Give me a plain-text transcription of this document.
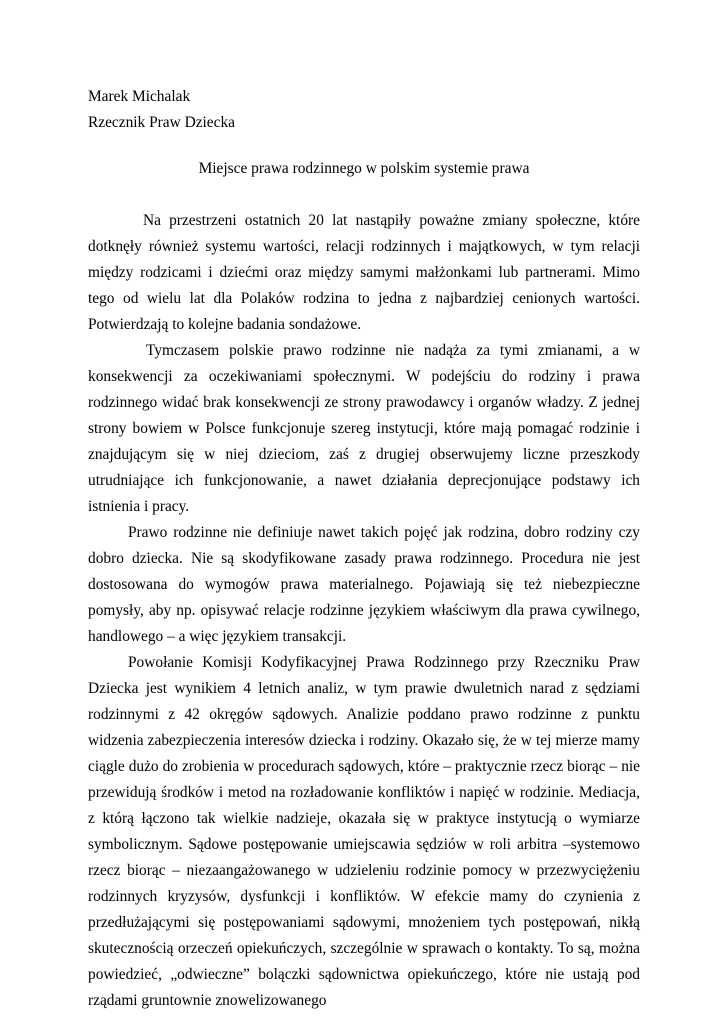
Marek Michalak

Rzecznik Praw Dziecka

Miejsce prawa rodzinnego w polskim systemie prawa

Na przestrzeni ostatnich 20 lat nastąpiły poważne zmiany społeczne, które dotknęły również systemu wartości, relacji rodzinnych i majątkowych, w tym relacji między rodzicami i dziećmi oraz między samymi małżonkami lub partnerami. Mimo tego od wielu lat dla Polaków rodzina to jedna z najbardziej cenionych wartości. Potwierdzają to kolejne badania sondażowe.

Tymczasem polskie prawo rodzinne nie nadąża za tymi zmianami, a w konsekwencji za oczekiwaniami społecznymi. W podejściu do rodziny i prawa rodzinnego widać brak konsekwencji ze strony prawodawcy i organów władzy. Z jednej strony bowiem w Polsce funkcjonuje szereg instytucji, które mają pomagać rodzinie i znajdującym się w niej dzieciom, zaś z drugiej obserwujemy liczne przeszkody utrudniające ich funkcjonowanie, a nawet działania deprecjonujące podstawy ich istnienia i pracy.

Prawo rodzinne nie definiuje nawet takich pojęć jak rodzina, dobro rodziny czy dobro dziecka. Nie są skodyfikowane zasady prawa rodzinnego. Procedura nie jest dostosowana do wymogów prawa materialnego. Pojawiają się też niebezpieczne pomysły, aby np. opisywać relacje rodzinne językiem właściwym dla prawa cywilnego, handlowego – a więc językiem transakcji.

Powołanie Komisji Kodyfikacyjnej Prawa Rodzinnego przy Rzeczniku Praw Dziecka jest wynikiem 4 letnich analiz, w tym prawie dwuletnich narad z sędziami rodzinnymi z 42 okręgów sądowych. Analizie poddano prawo rodzinne z punktu widzenia zabezpieczenia interesów dziecka i rodziny. Okazało się, że w tej mierze mamy ciągle dużo do zrobienia w procedurach sądowych, które – praktycznie rzecz biorąc – nie przewidują środków i metod na rozładowanie konfliktów i napięć w rodzinie. Mediacja, z którą łączono tak wielkie nadzieje, okazała się w praktyce instytucją o wymiarze symbolicznym. Sądowe postępowanie umiejscawia sędziów w roli arbitra –systemowo rzecz biorąc – niezaangażowanego w udzieleniu rodzinie pomocy w przezwyciężeniu rodzinnych kryzysów, dysfunkcji i konfliktów. W efekcie mamy do czynienia z przedłużającymi się postępowaniami sądowymi, mnożeniem tych postępowań, nikłą skutecznością orzeczeń opiekuńczych, szczególnie w sprawach o kontakty. To są, można powiedzieć, „odwieczne” bolączki sądownictwa opiekuńczego, które nie ustają pod rządami gruntownie znowelizowanego
